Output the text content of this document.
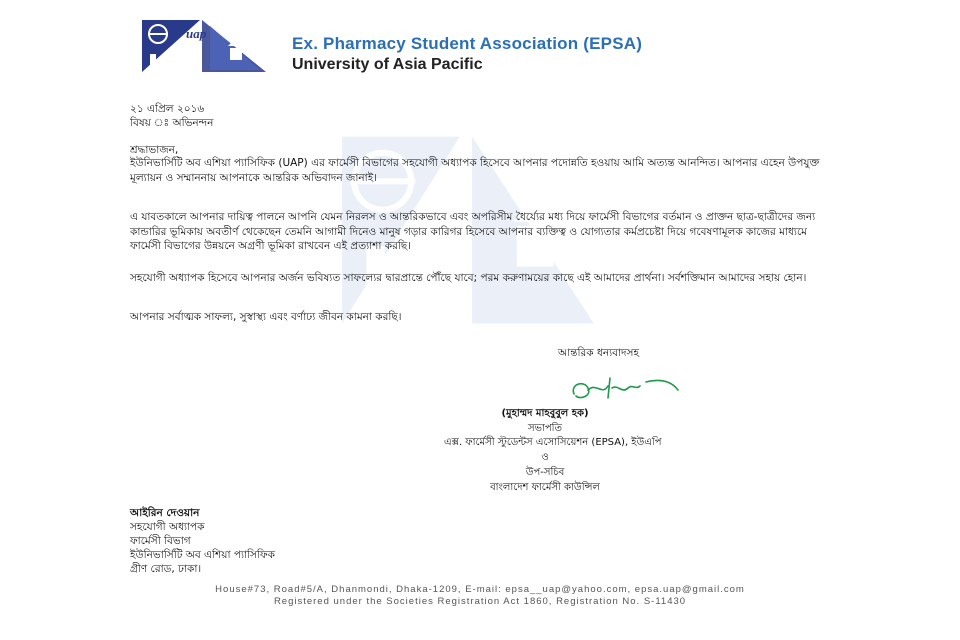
uap
Ex. Pharmacy Student Association (EPSA)
University of Asia Pacific
২১ এপ্রিল ২০১৬
বিষয় ঃ অভিনন্দন
শ্রদ্ধাভাজন,
ইউনিভার্সিটি অব এশিয়া প্যাসিফিক (UAP) এর ফার্মেসী বিভাগের সহযোগী অধ্যাপক হিসেবে আপনার পদোন্নতি হওয়ায় আমি অত্যন্ত আনন্দিত। আপনার এহেন উপযুক্ত মূল্যায়ন ও সম্মাননায় আপনাকে আন্তরিক অভিবাদন জানাই।
এ যাবতকালে আপনার দায়িত্ব পালনে আপনি যেমন নিরলস ও আন্তরিকভাবে এবং অপরিসীম ধৈর্য্যের মধ্য দিয়ে ফার্মেসী বিভাগের বর্তমান ও প্রাক্তন ছাত্র-ছাত্রীদের জন্য কান্ডারির ভূমিকায় অবতীর্ণ থেকেছেন তেমনি আগামী দিনেও মানুষ গড়ার কারিগর হিসেবে আপনার ব্যক্তিত্ব ও যোগ্যতার কর্মপ্রচেষ্টা দিয়ে গবেষণামূলক কাজের মাধ্যমে ফার্মেসী বিভাগের উন্নয়নে অগ্রণী ভূমিকা রাখবেন এই প্রত্যাশা করছি।
সহযোগী অধ্যাপক হিসেবে আপনার অর্জন ভবিষ্যত সাফল্যের দ্বারপ্রান্তে পৌঁছে যাবে; পরম করুণাময়ের কাছে এই আমাদের প্রার্থনা। সর্বশক্তিমান আমাদের সহায় হোন।
আপনার সর্বাত্মক সাফল্য, সুস্বাস্থ্য এবং বর্ণাঢ্য জীবন কামনা করছি।
আন্তরিক ধন্যবাদসহ
(মুহাম্মদ মাহবুবুল হক)
সভাপতি
এক্স. ফার্মেসী স্টুডেন্টস এসোসিয়েশন (EPSA), ইউএপি
ও
উপ-সচিব
বাংলাদেশ ফার্মেসী কাউন্সিল
আইরিন দেওয়ান
সহযোগী অধ্যাপক
ফার্মেসী বিভাগ
ইউনিভার্সিটি অব এশিয়া প্যাসিফিক
গ্রীণ রোড, ঢাকা।
House#73, Road#5/A, Dhanmondi, Dhaka-1209, E-mail: epsa__uap@yahoo.com, epsa.uap@gmail.com
Registered under the Societies Registration Act 1860, Registration No. S-11430
